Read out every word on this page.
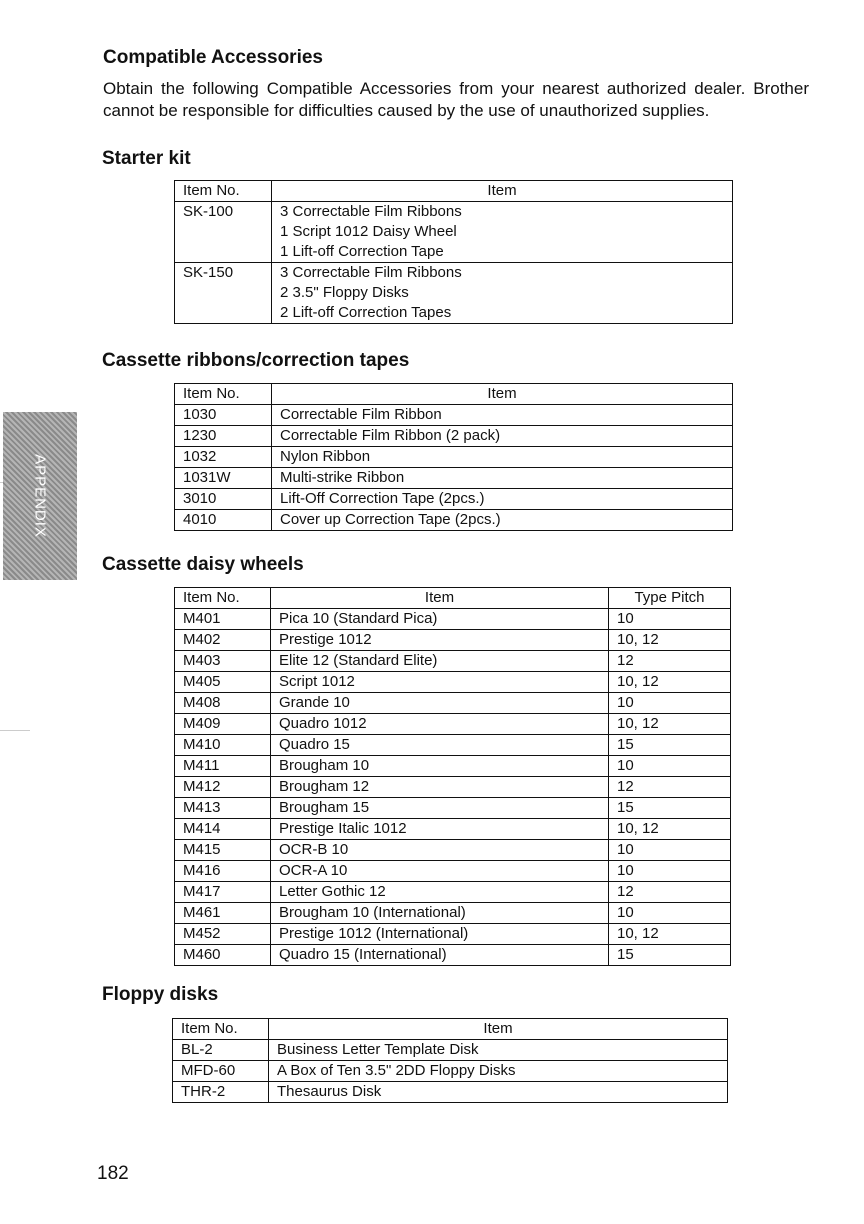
Compatible Accessories
Obtain the following Compatible Accessories from your nearest authorized dealer. Brother cannot be responsible for difficulties caused by the use of unauthorized supplies.
APPENDIX
Starter kit
Item No.	Item
SK-100	3 Correctable Film Ribbons
1 Script 1012 Daisy Wheel
1 Lift-off Correction Tape

SK-150	3 Correctable Film Ribbons
2 3.5" Floppy Disks
2 Lift-off Correction Tapes
Cassette ribbons/correction tapes
Item No.	Item
1030	Correctable Film Ribbon
1230	Correctable Film Ribbon (2 pack)
1032	Nylon Ribbon
1031W	Multi-strike Ribbon
3010	Lift-Off Correction Tape (2pcs.)
4010	Cover up Correction Tape (2pcs.)
Cassette daisy wheels
Item No.	Item	Type Pitch
M401	Pica 10 (Standard Pica)	10
M402	Prestige 1012	10, 12
M403	Elite 12 (Standard Elite)	12
M405	Script 1012	10, 12
M408	Grande 10	10
M409	Quadro 1012	10, 12
M410	Quadro 15	15
M411	Brougham 10	10
M412	Brougham 12	12
M413	Brougham 15	15
M414	Prestige Italic 1012	10, 12
M415	OCR-B 10	10
M416	OCR-A 10	10
M417	Letter Gothic 12	12
M461	Brougham 10 (International)	10
M452	Prestige 1012 (International)	10, 12
M460	Quadro 15 (International)	15
Floppy disks
Item No.	Item
BL-2	Business Letter Template Disk
MFD-60	A Box of Ten 3.5" 2DD Floppy Disks
THR-2	Thesaurus Disk
182
